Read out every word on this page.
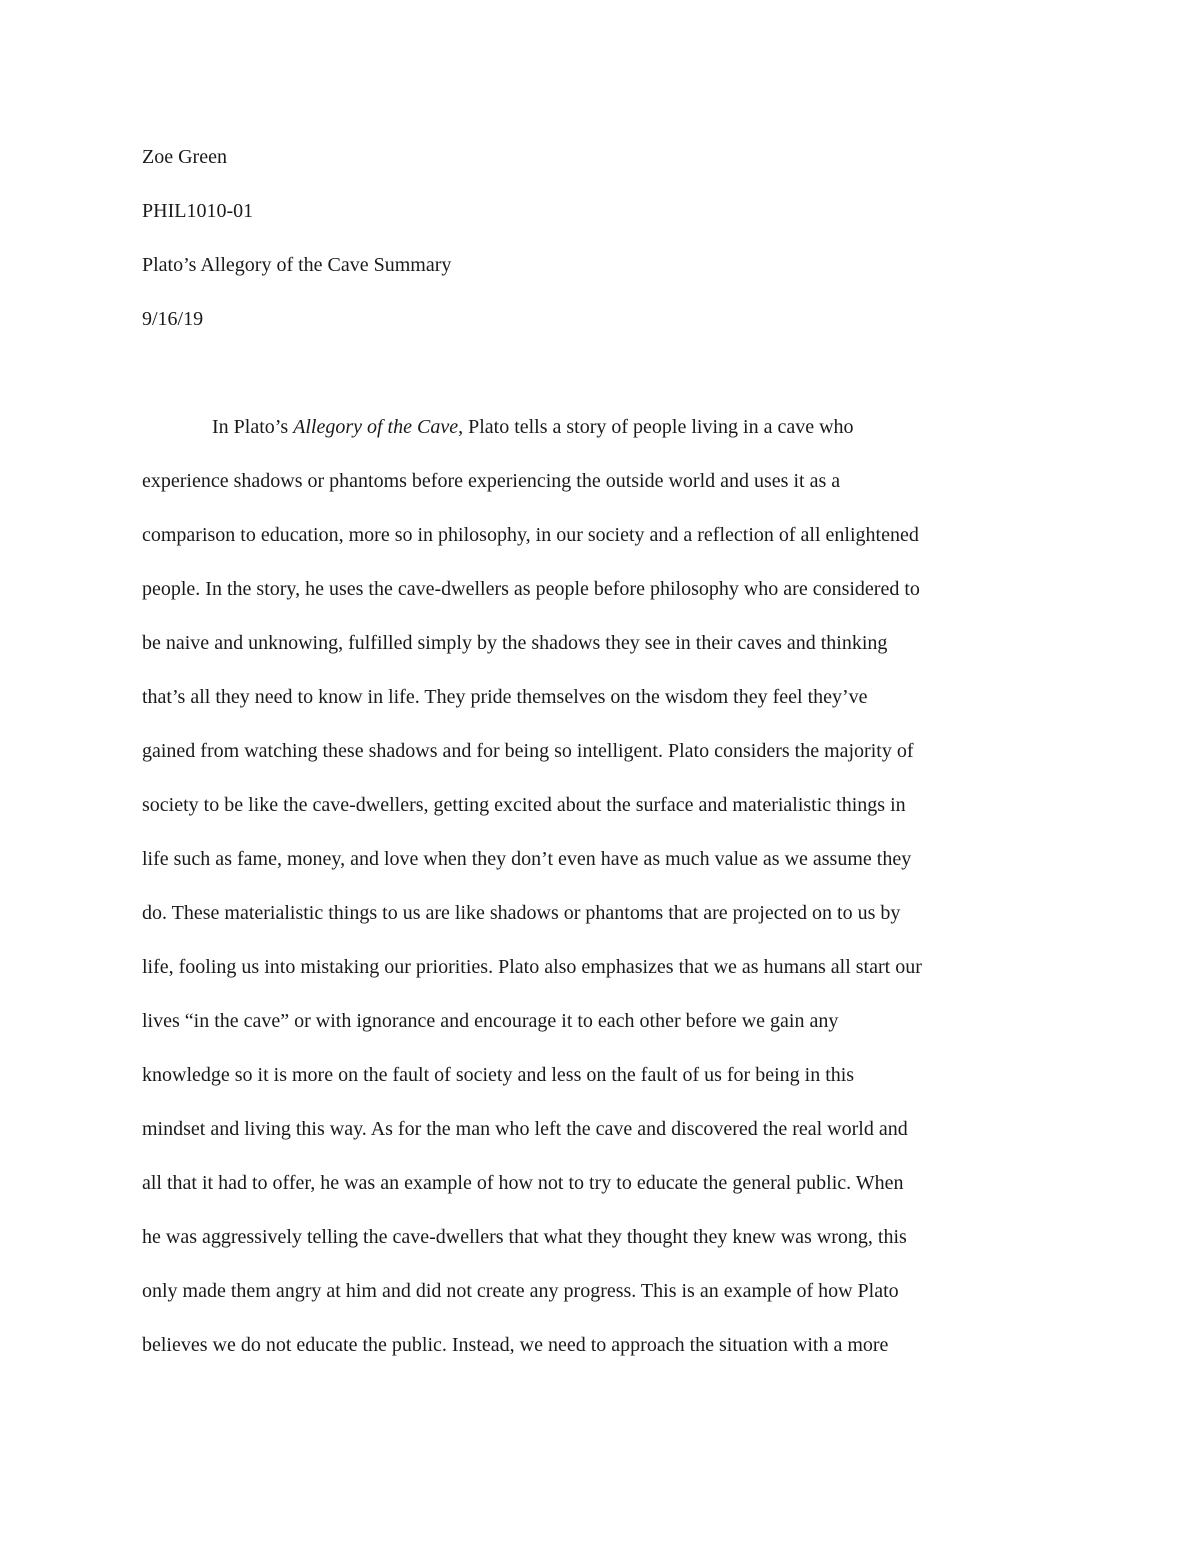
Zoe Green

PHIL1010-01

Plato’s Allegory of the Cave Summary

9/16/19

In Plato’s Allegory of the Cave, Plato tells a story of people living in a cave who

experience shadows or phantoms before experiencing the outside world and uses it as a

comparison to education, more so in philosophy, in our society and a reflection of all enlightened

people. In the story, he uses the cave-dwellers as people before philosophy who are considered to

be naive and unknowing, fulfilled simply by the shadows they see in their caves and thinking

that’s all they need to know in life. They pride themselves on the wisdom they feel they’ve

gained from watching these shadows and for being so intelligent. Plato considers the majority of

society to be like the cave-dwellers, getting excited about the surface and materialistic things in

life such as fame, money, and love when they don’t even have as much value as we assume they

do. These materialistic things to us are like shadows or phantoms that are projected on to us by

life, fooling us into mistaking our priorities. Plato also emphasizes that we as humans all start our

lives “in the cave” or with ignorance and encourage it to each other before we gain any

knowledge so it is more on the fault of society and less on the fault of us for being in this

mindset and living this way. As for the man who left the cave and discovered the real world and

all that it had to offer, he was an example of how not to try to educate the general public. When

he was aggressively telling the cave-dwellers that what they thought they knew was wrong, this

only made them angry at him and did not create any progress. This is an example of how Plato

believes we do not educate the public. Instead, we need to approach the situation with a more
